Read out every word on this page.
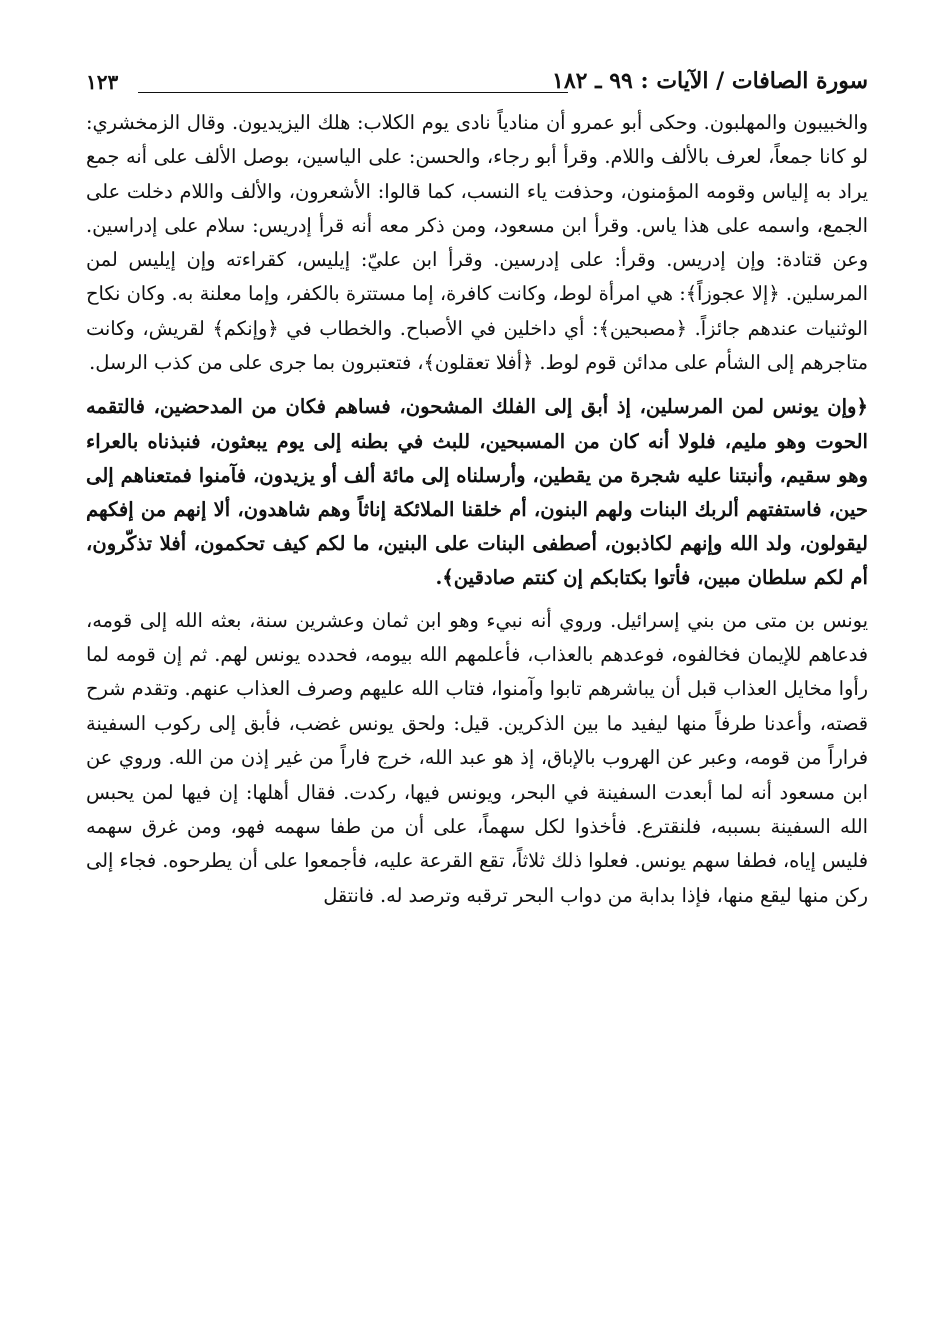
سورة الصافات / الآيات : ٩٩ ـ ١٨٢
١٢٣

والخبيبون والمهلبون. وحكى أبو عمرو أن منادياً نادى يوم الكلاب: هلك اليزيديون. وقال الزمخشري: لو كانا جمعاً، لعرف بالألف واللام. وقرأ أبو رجاء، والحسن: على الياسين، بوصل الألف على أنه جمع يراد به إلياس وقومه المؤمنون، وحذفت ياء النسب، كما قالوا: الأشعرون، والألف واللام دخلت على الجمع، واسمه على هذا ياس. وقرأ ابن مسعود، ومن ذكر معه أنه قرأ إدريس: سلام على إدراسين. وعن قتادة: وإن إدريس. وقرأ: على إدرسين. وقرأ ابن عليّ: إيليس، كقراءته وإن إيليس لمن المرسلين. ﴿إلا عجوزاً﴾: هي امرأة لوط، وكانت كافرة، إما مستترة بالكفر، وإما معلنة به. وكان نكاح الوثنيات عندهم جائزاً. ﴿مصبحين﴾: أي داخلين في الأصباح. والخطاب في ﴿وإنكم﴾ لقريش، وكانت متاجرهم إلى الشأم على مدائن قوم لوط. ﴿أفلا تعقلون﴾، فتعتبرون بما جرى على من كذب الرسل.

﴿وإن يونس لمن المرسلين، إذ أبق إلى الفلك المشحون، فساهم فكان من المدحضين، فالتقمه الحوت وهو مليم، فلولا أنه كان من المسبحين، للبث في بطنه إلى يوم يبعثون، فنبذناه بالعراء وهو سقيم، وأنبتنا عليه شجرة من يقطين، وأرسلناه إلى مائة ألف أو يزيدون، فآمنوا فمتعناهم إلى حين، فاستفتهم ألربك البنات ولهم البنون، أم خلقنا الملائكة إناثاً وهم شاهدون، ألا إنهم من إفكهم ليقولون، ولد الله وإنهم لكاذبون، أصطفى البنات على البنين، ما لكم كيف تحكمون، أفلا تذكّرون، أم لكم سلطان مبين، فأتوا بكتابكم إن كنتم صادقين﴾.

يونس بن متى من بني إسرائيل. وروي أنه نبيء وهو ابن ثمان وعشرين سنة، بعثه الله إلى قومه، فدعاهم للإيمان فخالفوه، فوعدهم بالعذاب، فأعلمهم الله بيومه، فحدده يونس لهم. ثم إن قومه لما رأوا مخايل العذاب قبل أن يباشرهم تابوا وآمنوا، فتاب الله عليهم وصرف العذاب عنهم. وتقدم شرح قصته، وأعدنا طرفاً منها ليفيد ما بين الذكرين. قيل: ولحق يونس غضب، فأبق إلى ركوب السفينة فراراً من قومه، وعبر عن الهروب بالإباق، إذ هو عبد الله، خرج فاراً من غير إذن من الله. وروي عن ابن مسعود أنه لما أبعدت السفينة في البحر، ويونس فيها، ركدت. فقال أهلها: إن فيها لمن يحبس الله السفينة بسببه، فلنقترع. فأخذوا لكل سهماً، على أن من طفا سهمه فهو، ومن غرق سهمه فليس إياه، فطفا سهم يونس. فعلوا ذلك ثلاثاً، تقع القرعة عليه، فأجمعوا على أن يطرحوه. فجاء إلى ركن منها ليقع منها، فإذا بدابة من دواب البحر ترقبه وترصد له. فانتقل
